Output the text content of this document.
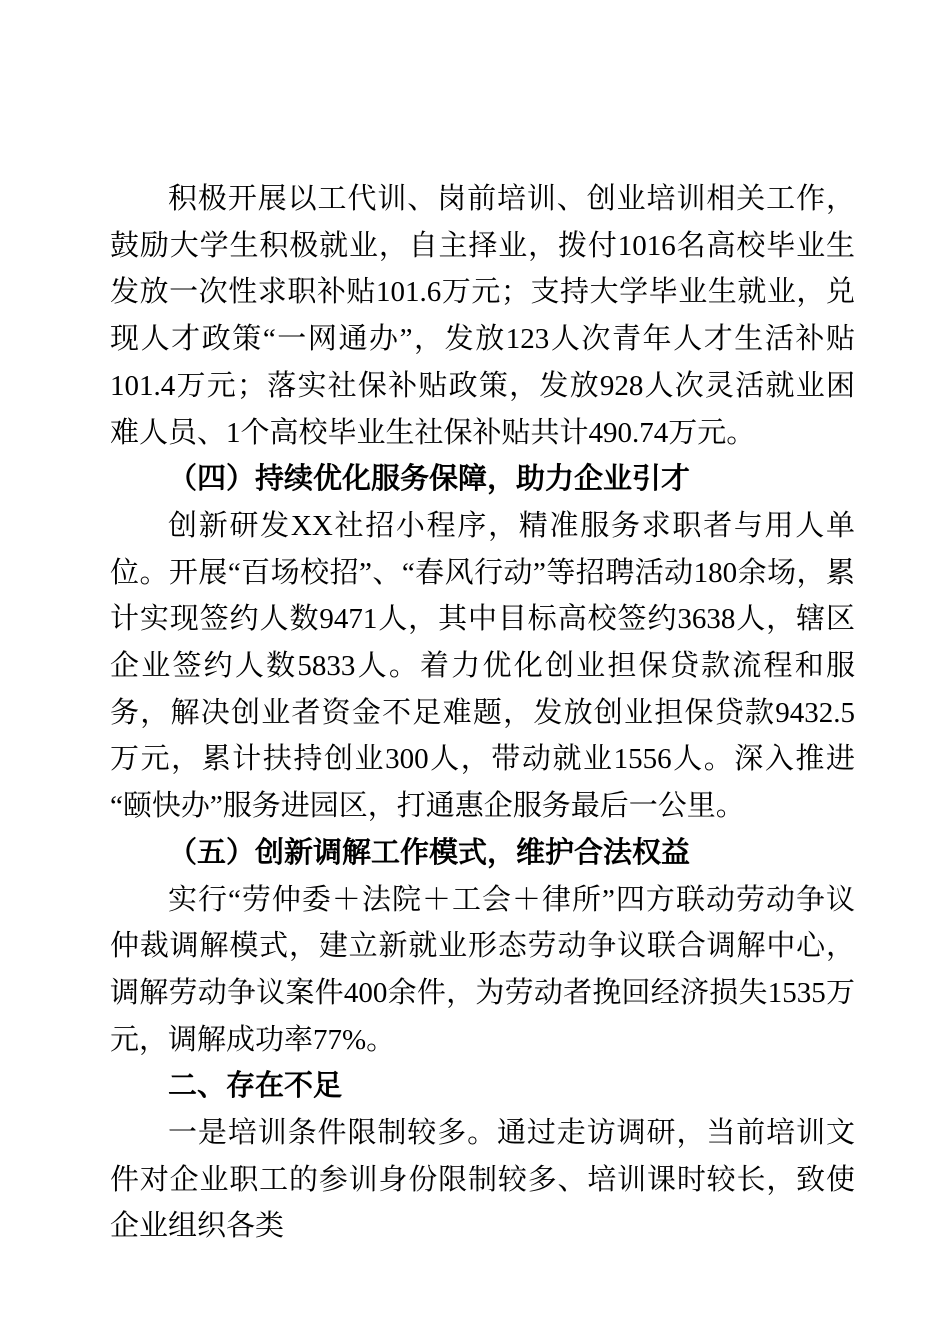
积极开展以工代训、岗前培训、创业培训相关工作，鼓励大学生积极就业，自主择业，拨付1016名高校毕业生发放一次性求职补贴101.6万元；支持大学毕业生就业，兑现人才政策“一网通办”，发放123人次青年人才生活补贴101.4万元；落实社保补贴政策，发放928人次灵活就业困难人员、1个高校毕业生社保补贴共计490.74万元。

（四）持续优化服务保障，助力企业引才

创新研发XX社招小程序，精准服务求职者与用人单位。开展“百场校招”、“春风行动”等招聘活动180余场，累计实现签约人数9471人，其中目标高校签约3638人，辖区企业签约人数5833人。着力优化创业担保贷款流程和服务，解决创业者资金不足难题，发放创业担保贷款9432.5万元，累计扶持创业300人，带动就业1556人。深入推进“颐快办”服务进园区，打通惠企服务最后一公里。

（五）创新调解工作模式，维护合法权益

实行“劳仲委＋法院＋工会＋律所”四方联动劳动争议仲裁调解模式，建立新就业形态劳动争议联合调解中心，调解劳动争议案件400余件，为劳动者挽回经济损失1535万元，调解成功率77%。

二、存在不足

一是培训条件限制较多。通过走访调研，当前培训文件对企业职工的参训身份限制较多、培训课时较长，致使企业组织各类
